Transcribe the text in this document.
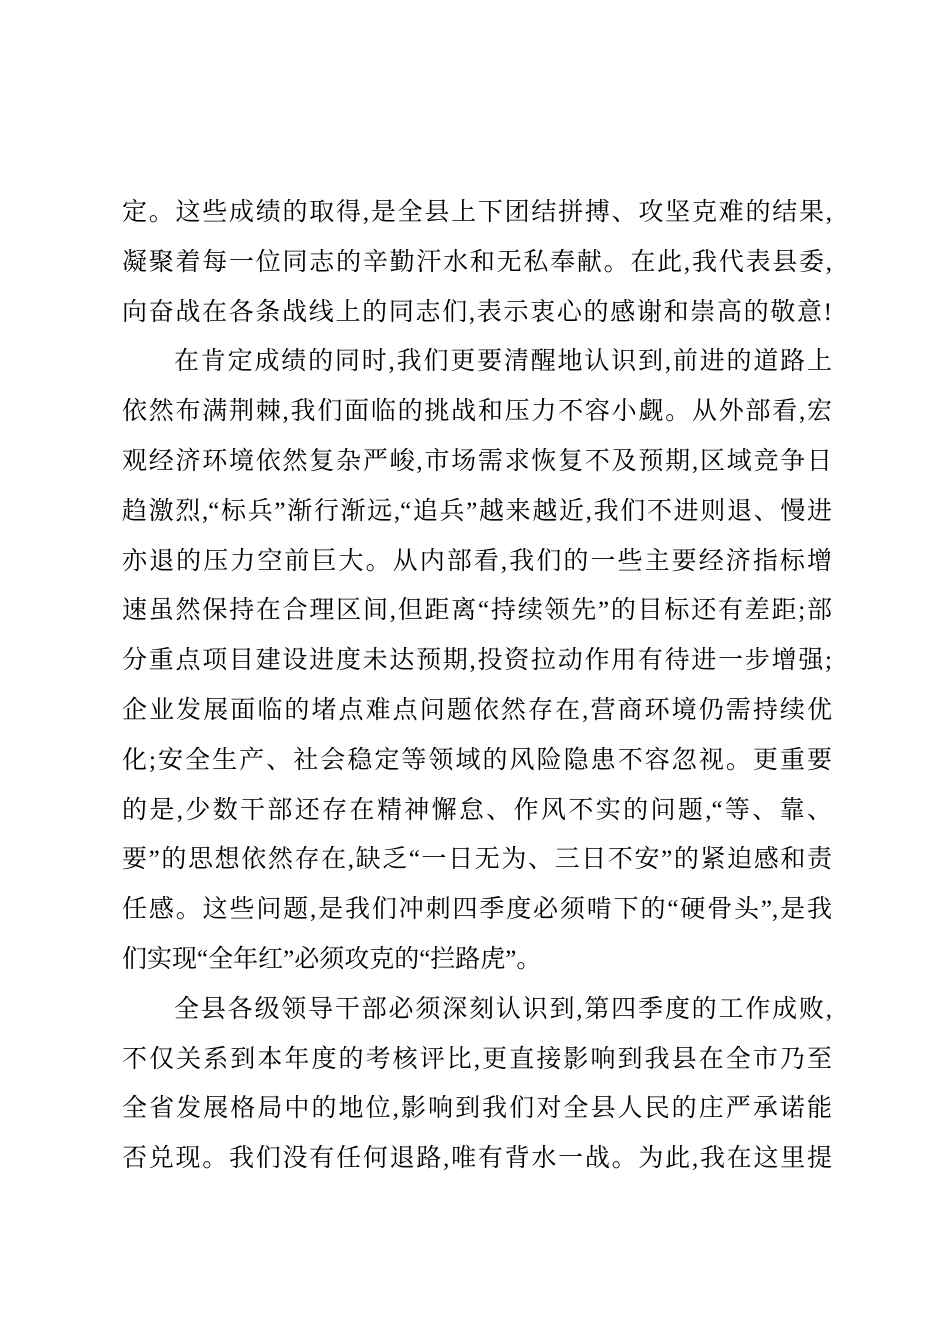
定。这些成绩的取得,是全县上下团结拼搏、攻坚克难的结果,
凝聚着每一位同志的辛勤汗水和无私奉献。在此,我代表县委,
向奋战在各条战线上的同志们,表示衷心的感谢和崇高的敬意!
在肯定成绩的同时,我们更要清醒地认识到,前进的道路上
依然布满荆棘,我们面临的挑战和压力不容小觑。从外部看,宏
观经济环境依然复杂严峻,市场需求恢复不及预期,区域竞争日
趋激烈,“标兵”渐行渐远,“追兵”越来越近,我们不进则退、慢进
亦退的压力空前巨大。从内部看,我们的一些主要经济指标增
速虽然保持在合理区间,但距离“持续领先”的目标还有差距;部
分重点项目建设进度未达预期,投资拉动作用有待进一步增强;
企业发展面临的堵点难点问题依然存在,营商环境仍需持续优
化;安全生产、社会稳定等领域的风险隐患不容忽视。更重要
的是,少数干部还存在精神懈怠、作风不实的问题,“等、靠、
要”的思想依然存在,缺乏“一日无为、三日不安”的紧迫感和责
任感。这些问题,是我们冲刺四季度必须啃下的“硬骨头”,是我
们实现“全年红”必须攻克的“拦路虎”。
全县各级领导干部必须深刻认识到,第四季度的工作成败,
不仅关系到本年度的考核评比,更直接影响到我县在全市乃至
全省发展格局中的地位,影响到我们对全县人民的庄严承诺能
否兑现。我们没有任何退路,唯有背水一战。为此,我在这里提
